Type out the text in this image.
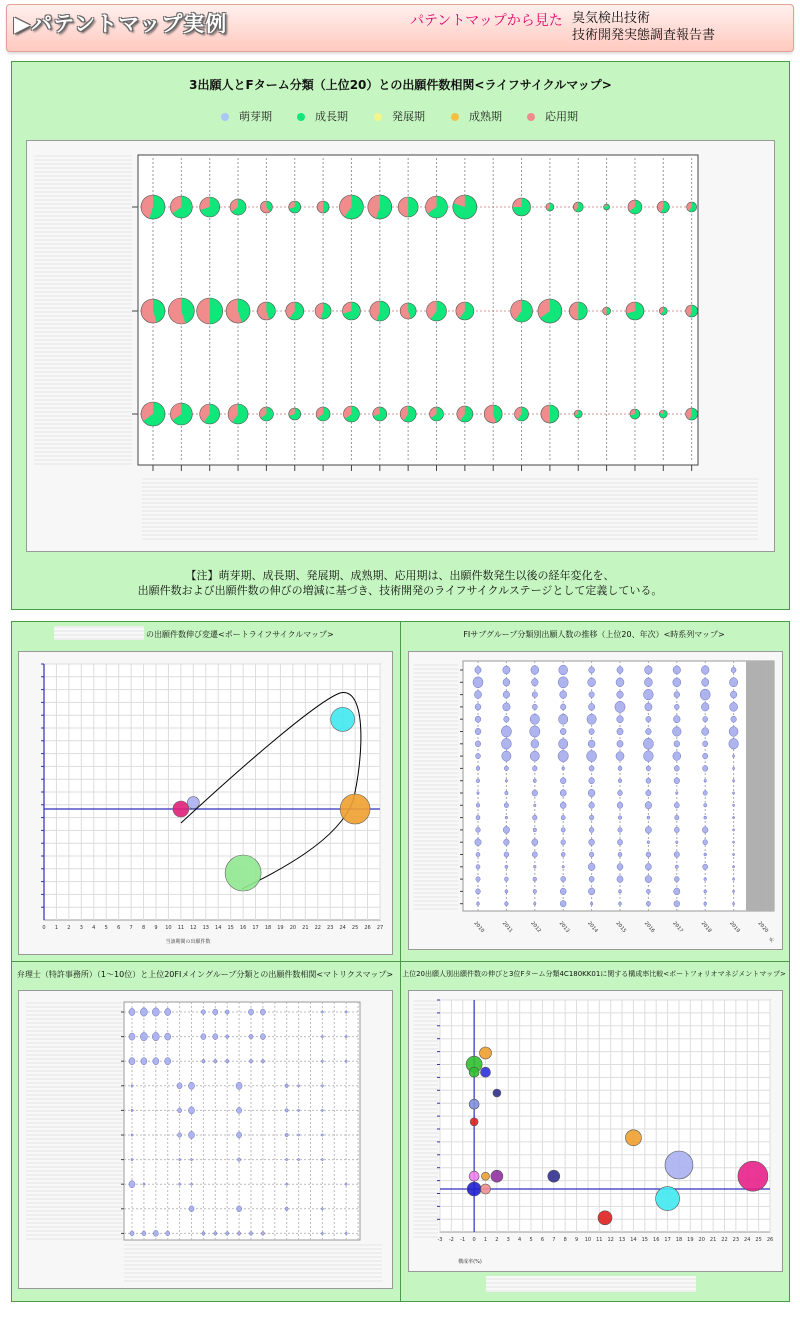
▶パテントマップ実例	パテントマップから見た 臭気検出技術
技術開発実態調査報告書
3出願人とFターム分類（上位20）との出願件数相関<ライフサイクルマップ>
萌芽期	成長期	発展期	成熟期	応用期
【注】萌芽期、成長期、発展期、成熟期、応用期は、出願件数発生以後の経年変化を、
出願件数および出願件数の伸びの増減に基づき、技術開発のライフサイクルステージとして定義している。
の出願件数伸び変遷<ポートライフサイクルマップ>
0 1 2 3 4 5 6 7 8 9 10 11 12 13 14 15 16 17 18 19 20 21 22 23 24 25 26 27
当該期間の出願件数
FIサブグループ分類別出願人数の推移（上位20、年次）<時系列マップ>
2010	2011	2012	2013	2014	2015	2016	2017	2018	2019	2020
年
弁理士（特許事務所）（1～10位）と上位20FIメイングループ分類との出願件数相関<マトリクスマップ>	上位20出願人別出願件数の伸びと3位Fターム分類4C180KK01に関する構成率比較<ポートフォリオマネジメントマップ>
-3 -2 -1 0 1 2 3 4 5 6 7 8 9 10 11 12 13 14 15 16 17 18 19 20 21 22 23 24 25 26
構成率(%)
